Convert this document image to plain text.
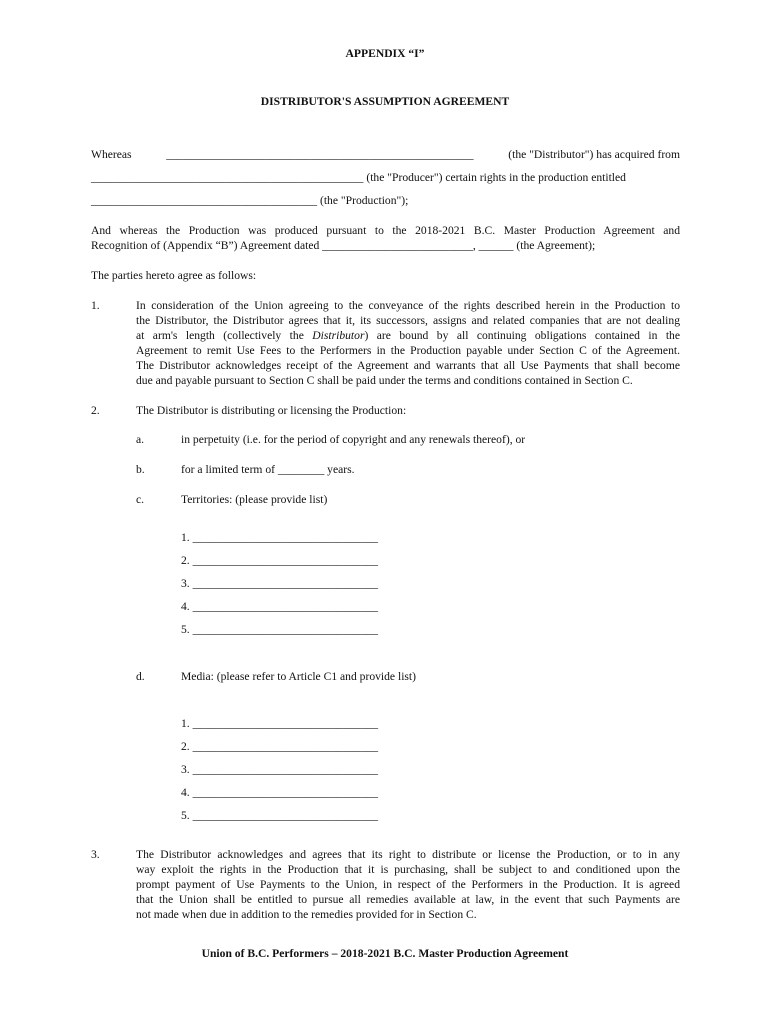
APPENDIX “I”
DISTRIBUTOR'S ASSUMPTION AGREEMENT
Whereas	_____________________________________________________	(the "Distributor") has acquired from
_______________________________________________ (the "Producer") certain rights in the production entitled
_______________________________________ (the "Production");
And whereas the Production was produced pursuant to the 2018-2021 B.C. Master Production Agreement and
Recognition of (Appendix “B”) Agreement dated __________________________, ______ (the Agreement);
The parties hereto agree as follows:
1.	In consideration of the Union agreeing to the conveyance of the rights described herein in the Production to

the Distributor, the Distributor agrees that it, its successors, assigns and related companies that are not dealing

at arm's length (collectively the Distributor) are bound by all continuing obligations contained in the

Agreement to remit Use Fees to the Performers in the Production payable under Section C of the Agreement.

The Distributor acknowledges receipt of the Agreement and warrants that all Use Payments that shall become

due and payable pursuant to Section C shall be paid under the terms and conditions contained in Section C.

2.	The Distributor is distributing or licensing the Production:
a.	in perpetuity (i.e. for the period of copyright and any renewals thereof), or
b.	for a limited term of ________ years.
c.	Territories: (please provide list)
1. ________________________________
2. ________________________________
3. ________________________________
4. ________________________________
5. ________________________________
d.	Media: (please refer to Article C1 and provide list)
1. ________________________________
2. ________________________________
3. ________________________________
4. ________________________________
5. ________________________________
3.	The Distributor acknowledges and agrees that its right to distribute or license the Production, or to in any

way exploit the rights in the Production that it is purchasing, shall be subject to and conditioned upon the

prompt payment of Use Payments to the Union, in respect of the Performers in the Production. It is agreed

that the Union shall be entitled to pursue all remedies available at law, in the event that such Payments are

not made when due in addition to the remedies provided for in Section C.

Union of B.C. Performers – 2018-2021 B.C. Master Production Agreement
